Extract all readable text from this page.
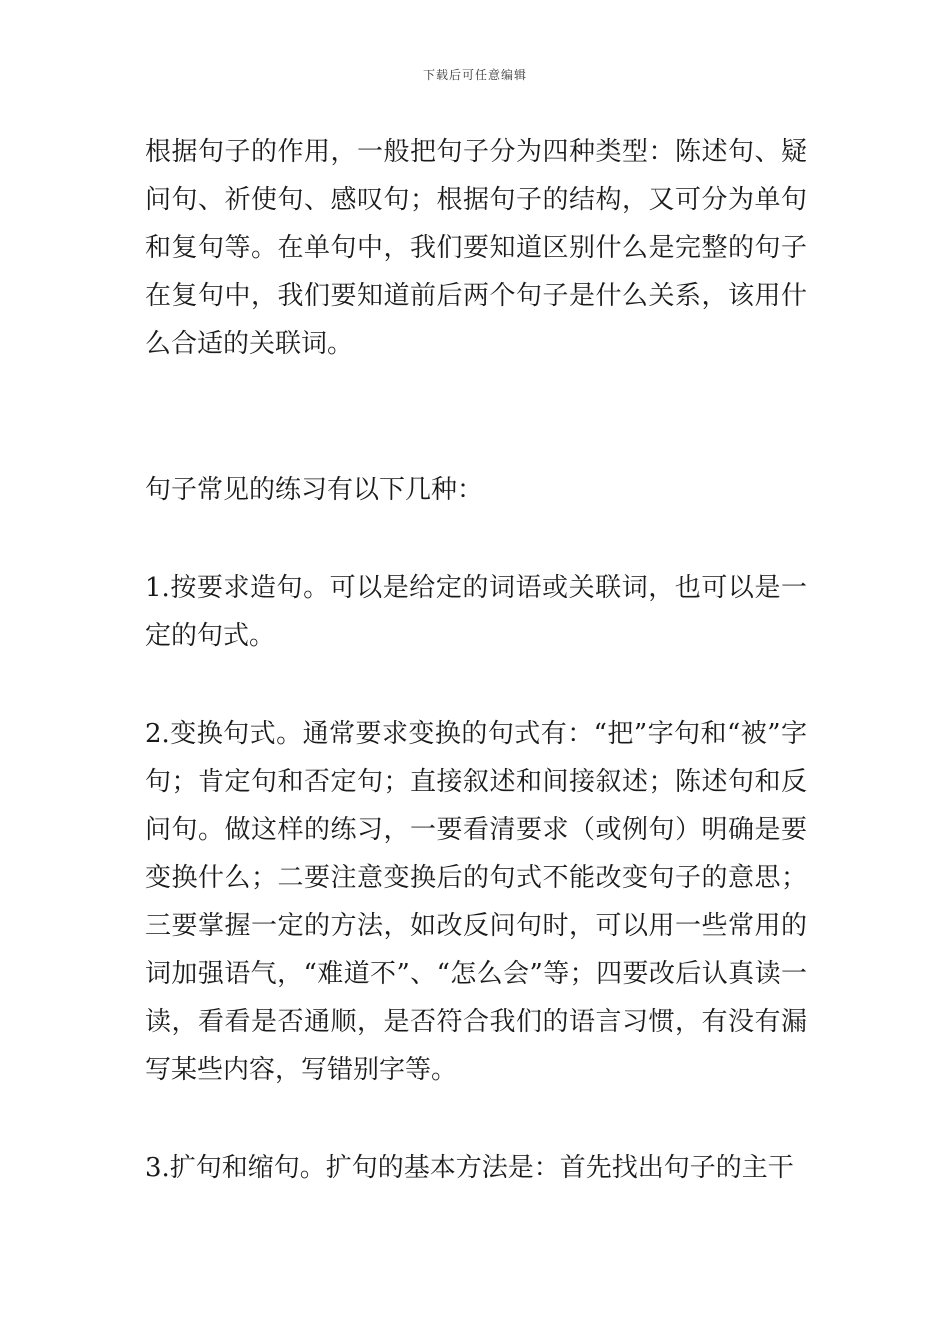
下载后可任意编辑

根据句子的作用，一般把句子分为四种类型：陈述句、疑问句、祈使句、感叹句；根据句子的结构，又可分为单句和复句等。在单句中，我们要知道区别什么是完整的句子在复句中，我们要知道前后两个句子是什么关系，该用什么合适的关联词。

句子常见的练习有以下几种：

1.按要求造句。可以是给定的词语或关联词，也可以是一定的句式。

2.变换句式。通常要求变换的句式有：“把”字句和“被”字句；肯定句和否定句；直接叙述和间接叙述；陈述句和反问句。做这样的练习，一要看清要求（或例句）明确是要变换什么；二要注意变换后的句式不能改变句子的意思；三要掌握一定的方法，如改反问句时，可以用一些常用的词加强语气，“难道不”、“怎么会”等；四要改后认真读一读，看看是否通顺，是否符合我们的语言习惯，有没有漏写某些内容，写错别字等。

3.扩句和缩句。扩句的基本方法是：首先找出句子的主干
